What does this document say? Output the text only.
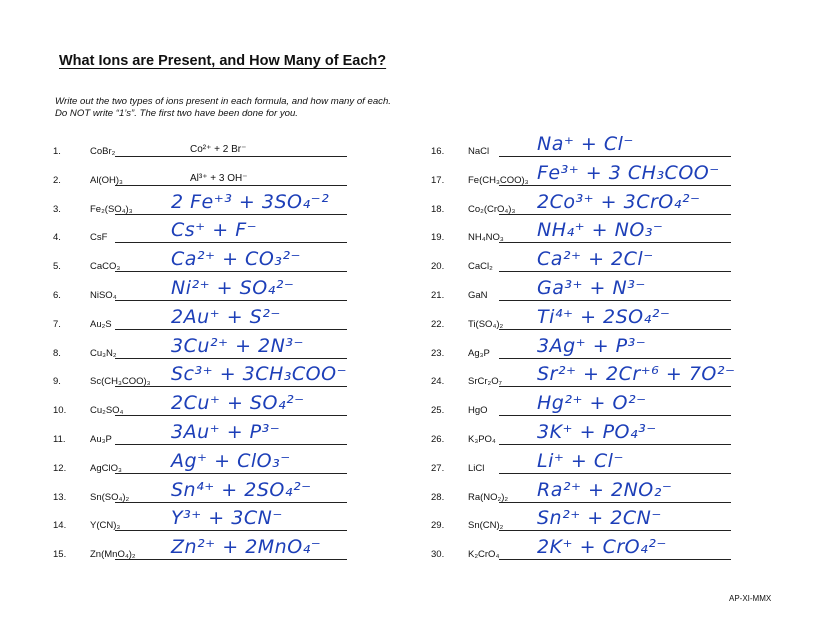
What Ions are Present, and How Many of Each?
Write out the two types of ions present in each formula, and how many of each. Do NOT write “1’s”. The first two have been done for you.
1.	CoBr₂	Co²⁺ + 2 Br⁻
2.	Al(OH)₃	Al³⁺ + 3 OH⁻
3.	Fe₂(SO₄)₃ 2 Fe⁺³ + 3SO₄⁻²
4.	CsF	Cs⁺ + F⁻
5.	CaCO₃	Ca²⁺ + CO₃²⁻
6.	NiSO₄	Ni²⁺ + SO₄²⁻
7.	Au₂S	2Au⁺ + S²⁻
8.	Cu₃N₂	3Cu²⁺ + 2N³⁻
9.	Sc(CH₃COO)₃ Sc³⁺ + 3CH₃COO⁻
10.	Cu₂SO₄	2Cu⁺ + SO₄²⁻
11.	Au₃P	3Au⁺ + P³⁻
12.	AgClO₃	Ag⁺ + ClO₃⁻
13.	Sn(SO₄)₂ Sn⁴⁺ + 2SO₄²⁻
14.	Y(CN)₃	Y³⁺ + 3CN⁻
15.	Zn(MnO₄)₂ Zn²⁺ + 2MnO₄⁻
16.	NaCl	Na⁺ + Cl⁻
17.	Fe(CH₃COO)₃ Fe³⁺ + 3 CH₃COO⁻
18.	Co₂(CrO₄)₃ 2Co³⁺ + 3CrO₄²⁻
19.	NH₄NO₃ NH₄⁺ + NO₃⁻
20.	CaCl₂ Ca²⁺ + 2Cl⁻
21.	GaN	Ga³⁺ + N³⁻
22.	Ti(SO₄)₂ Ti⁴⁺ + 2SO₄²⁻
23.	Ag₃P 3Ag⁺ + P³⁻
24.	SrCr₂O₇ Sr²⁺ + 2Cr⁺⁶ + 7O²⁻
25.	HgO	Hg²⁺ + O²⁻
26.	K₃PO₄ 3K⁺ + PO₄³⁻
27.	LiCl	Li⁺ + Cl⁻
28.	Ra(NO₂)₂ Ra²⁺ + 2NO₂⁻
29.	Sn(CN)₂ Sn²⁺ + 2CN⁻
30.	K₂CrO₄ 2K⁺ + CrO₄²⁻
AP-XI-MMX
